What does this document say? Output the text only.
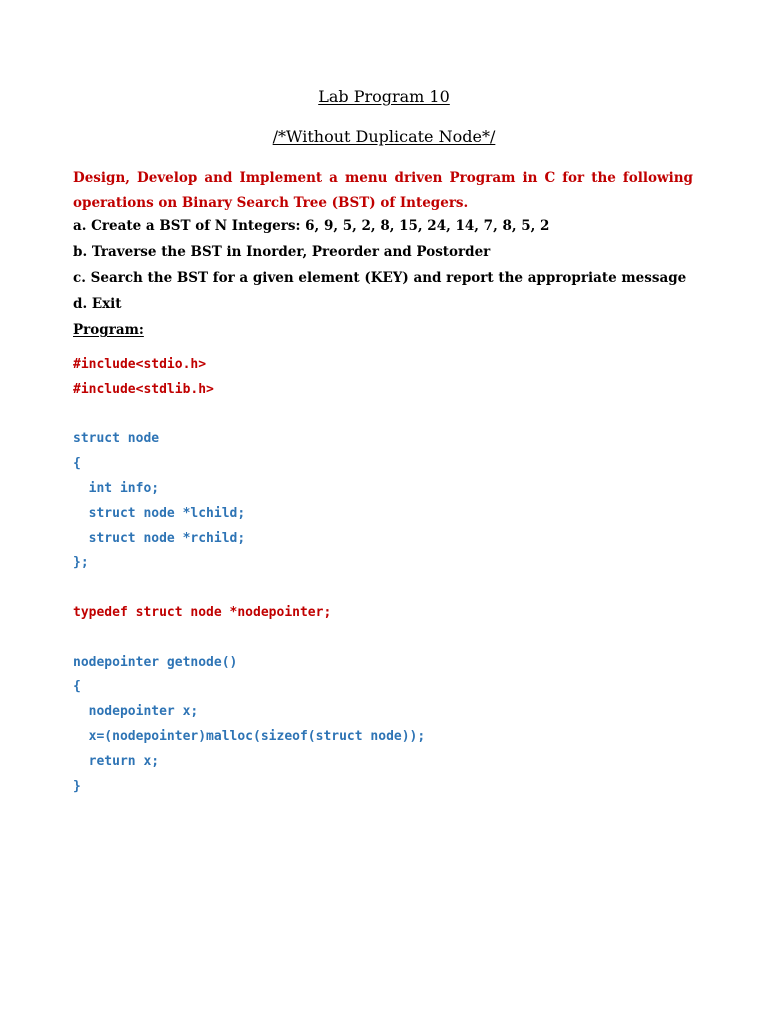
Lab Program 10
/*Without Duplicate Node*/
Design, Develop and Implement a menu driven Program in C for the following operations on Binary Search Tree (BST) of Integers.
a. Create a BST of N Integers: 6, 9, 5, 2, 8, 15, 24, 14, 7, 8, 5, 2
b. Traverse the BST in Inorder, Preorder and Postorder
c. Search the BST for a given element (KEY) and report the appropriate message
d. Exit
Program:
#include<stdio.h>
#include<stdlib.h>
struct node
{
int info;
struct node *lchild;
struct node *rchild;
};
typedef struct node *nodepointer;
nodepointer getnode()
{
nodepointer x;
x=(nodepointer)malloc(sizeof(struct node));
return x;
}
